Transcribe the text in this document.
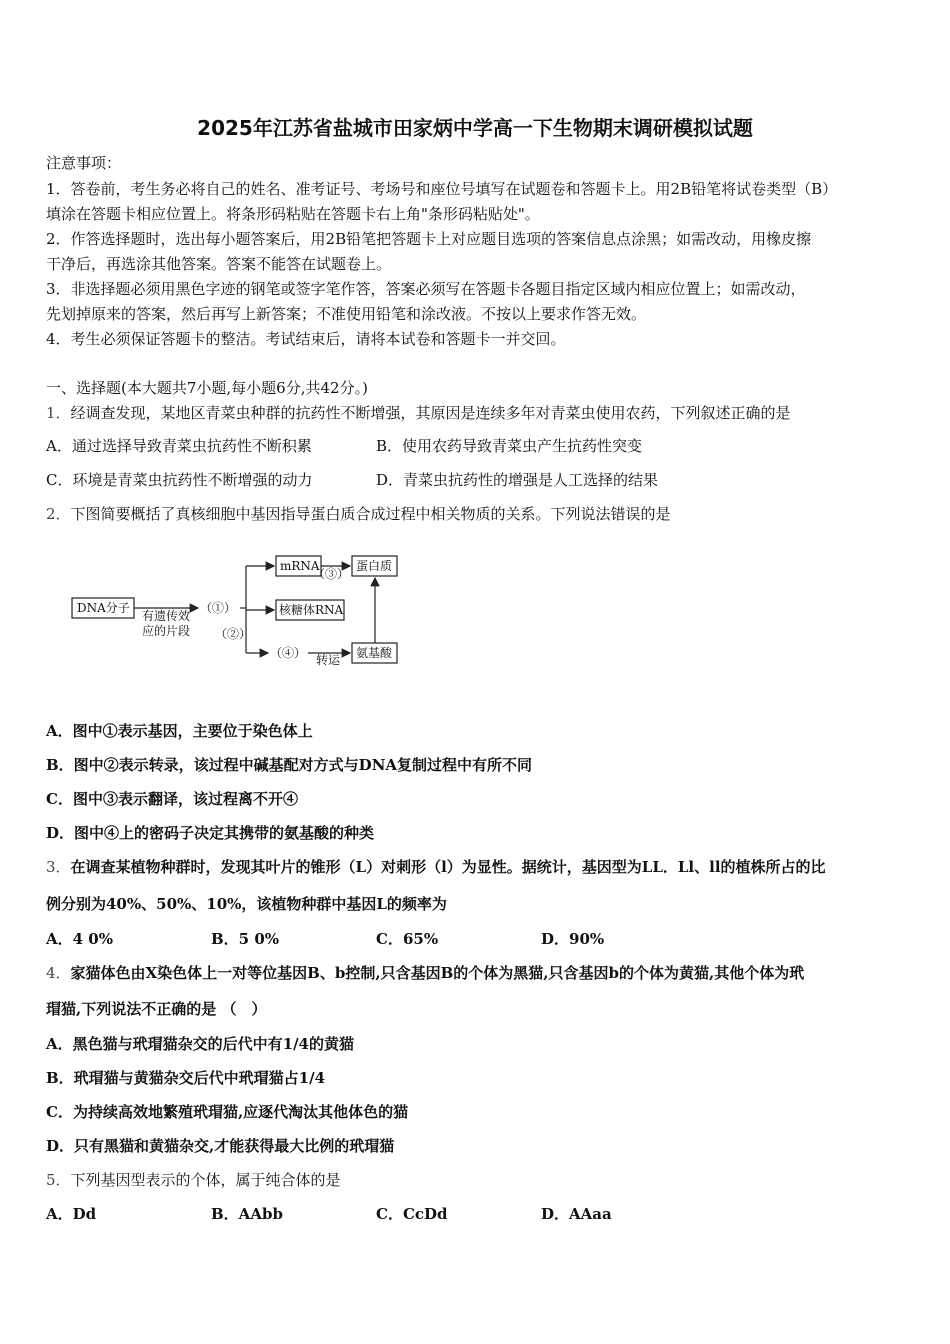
2025年江苏省盐城市田家炳中学高一下生物期末调研模拟试题
注意事项：
1．答卷前，考生务必将自己的姓名、准考证号、考场号和座位号填写在试题卷和答题卡上。用2B铅笔将试卷类型（B）
填涂在答题卡相应位置上。将条形码粘贴在答题卡右上角"条形码粘贴处"。
2．作答选择题时，选出每小题答案后，用2B铅笔把答题卡上对应题目选项的答案信息点涂黑；如需改动，用橡皮擦
干净后，再选涂其他答案。答案不能答在试题卷上。
3．非选择题必须用黑色字迹的钢笔或签字笔作答，答案必须写在答题卡各题目指定区域内相应位置上；如需改动，
先划掉原来的答案，然后再写上新答案；不准使用铅笔和涂改液。不按以上要求作答无效。
4．考生必须保证答题卡的整洁。考试结束后，请将本试卷和答题卡一并交回。
一、选择题(本大题共7小题,每小题6分,共42分。)
1．经调查发现，某地区青菜虫种群的抗药性不断增强，其原因是连续多年对青菜虫使用农药，下列叙述正确的是
A．通过选择导致青菜虫抗药性不断积累	B．使用农药导致青菜虫产生抗药性突变
C．环境是青菜虫抗药性不断增强的动力	D．青菜虫抗药性的增强是人工选择的结果
2．下图简要概括了真核细胞中基因指导蛋白质合成过程中相关物质的关系。下列说法错误的是
DNA分子
有遗传效
应的片段
（①）
（②）
（③）
（④）
mRNA
核糖体RNA
蛋白质
氨基酸
转运
A．图中①表示基因，主要位于染色体上
B．图中②表示转录，该过程中碱基配对方式与DNA复制过程中有所不同
C．图中③表示翻译，该过程离不开④
D．图中④上的密码子决定其携带的氨基酸的种类
3．在调查某植物种群时，发现其叶片的锥形（L）对刺形（l）为显性。据统计，基因型为LL．Ll、ll的植株所占的比
例分别为40%、50%、10%，该植物种群中基因L的频率为
A．4 0%	B．5 0%	C．65%	D．90%
4．家猫体色由X染色体上一对等位基因B、b控制,只含基因B的个体为黑猫,只含基因b的个体为黄猫,其他个体为玳
瑁猫,下列说法不正确的是 （　）
A．黑色猫与玳瑁猫杂交的后代中有1/4的黄猫
B．玳瑁猫与黄猫杂交后代中玳瑁猫占1/4
C．为持续高效地繁殖玳瑁猫,应逐代淘汰其他体色的猫
D．只有黑猫和黄猫杂交,才能获得最大比例的玳瑁猫
5．下列基因型表示的个体，属于纯合体的是
A．Dd	B．AAbb	C．CcDd	D．AAaa
